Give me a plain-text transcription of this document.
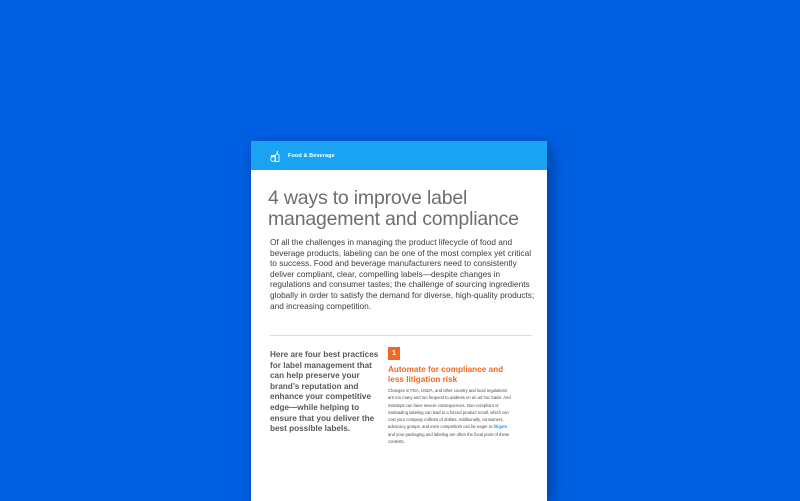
Food & Beverage
4 ways to improve label management and compliance

Of all the challenges in managing the product lifecycle of food and beverage products, labeling can be one of the most complex yet critical to success. Food and beverage manufacturers need to consistently deliver compliant, clear, compelling labels—despite changes in regulations and consumer tastes; the challenge of sourcing ingredients globally in order to satisfy the demand for diverse, high-quality products; and increasing competition.

Here are four best practices for label management that can help preserve your brand’s reputation and enhance your competitive edge—while helping to ensure that you deliver the best possible labels.

1
Automate for compliance and less litigation risk

Changes in FDA, USDA, and other country and local regulations are too many and too frequent to address on an ad hoc basis. And missteps can have severe consequences. Non-compliant or misleading labeling can lead to a forced product recall, which can cost your company millions of dollars. Additionally, consumers, advocacy groups, and even competitors can be eager to litigate, and your packaging and labeling are often the focal point of these contests.
